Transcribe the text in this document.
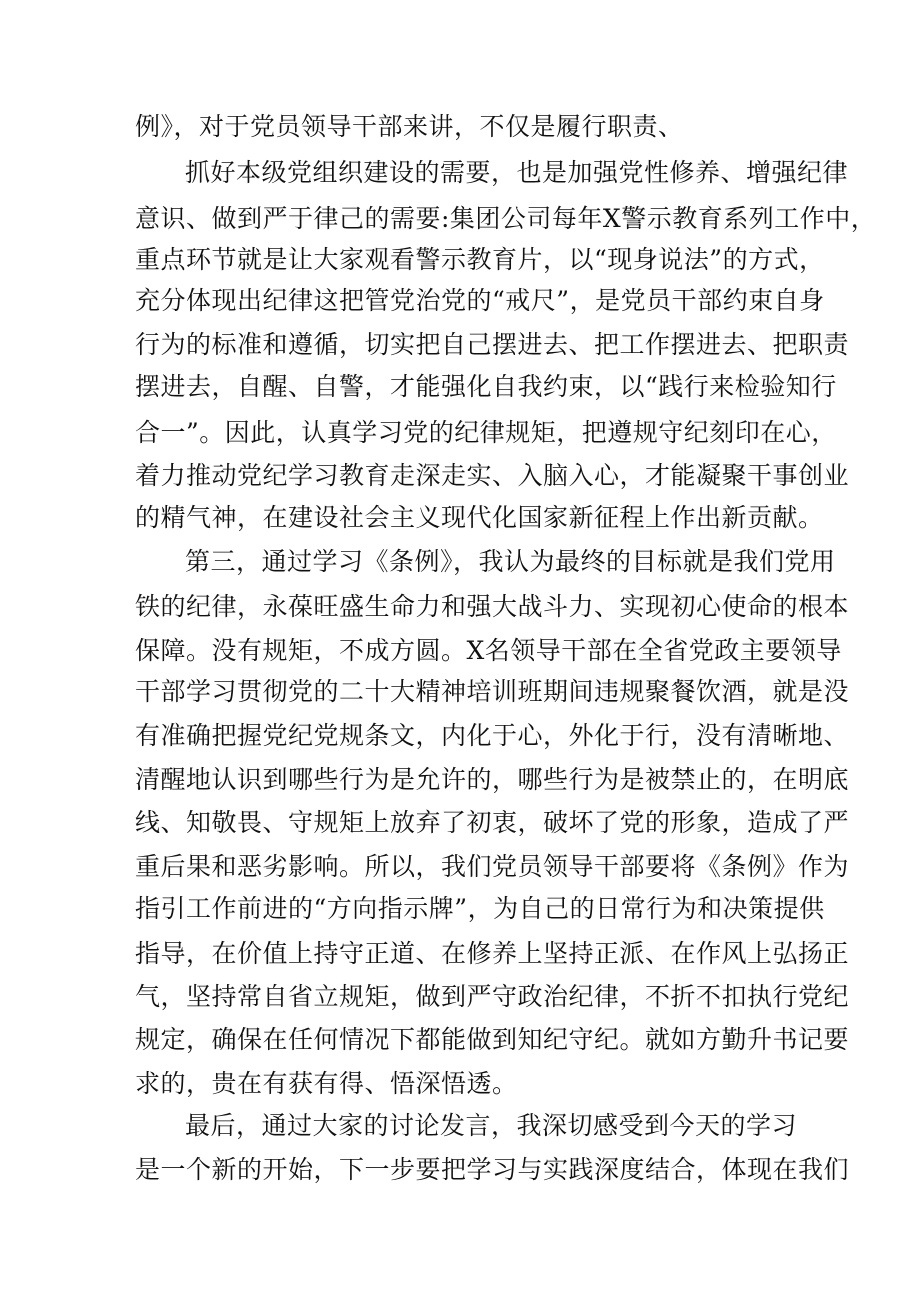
例》，对于党员领导干部来讲，不仅是履行职责、
抓好本级党组织建设的需要，也是加强党性修养、增强纪律
意识、做到严于律己的需要:集团公司每年X警示教育系列工作中，
重点环节就是让大家观看警示教育片，以“现身说法”的方式，
充分体现出纪律这把管党治党的“戒尺”，是党员干部约束自身
行为的标准和遵循，切实把自己摆进去、把工作摆进去、把职责
摆进去，自醒、自警，才能强化自我约束，以“践行来检验知行
合一”。因此，认真学习党的纪律规矩，把遵规守纪刻印在心，
着力推动党纪学习教育走深走实、入脑入心，才能凝聚干事创业
的精气神，在建设社会主义现代化国家新征程上作出新贡献。
第三，通过学习《条例》，我认为最终的目标就是我们党用
铁的纪律，永葆旺盛生命力和强大战斗力、实现初心使命的根本
保障。没有规矩，不成方圆。X名领导干部在全省党政主要领导
干部学习贯彻党的二十大精神培训班期间违规聚餐饮酒，就是没
有准确把握党纪党规条文，内化于心，外化于行，没有清晰地、
清醒地认识到哪些行为是允许的，哪些行为是被禁止的，在明底
线、知敬畏、守规矩上放弃了初衷，破坏了党的形象，造成了严
重后果和恶劣影响。所以，我们党员领导干部要将《条例》作为
指引工作前进的“方向指示牌”，为自己的日常行为和决策提供
指导，在价值上持守正道、在修养上坚持正派、在作风上弘扬正
气，坚持常自省立规矩，做到严守政治纪律，不折不扣执行党纪
规定，确保在任何情况下都能做到知纪守纪。就如方勤升书记要
求的，贵在有获有得、悟深悟透。
最后，通过大家的讨论发言，我深切感受到今天的学习
是一个新的开始，下一步要把学习与实践深度结合，体现在我们
